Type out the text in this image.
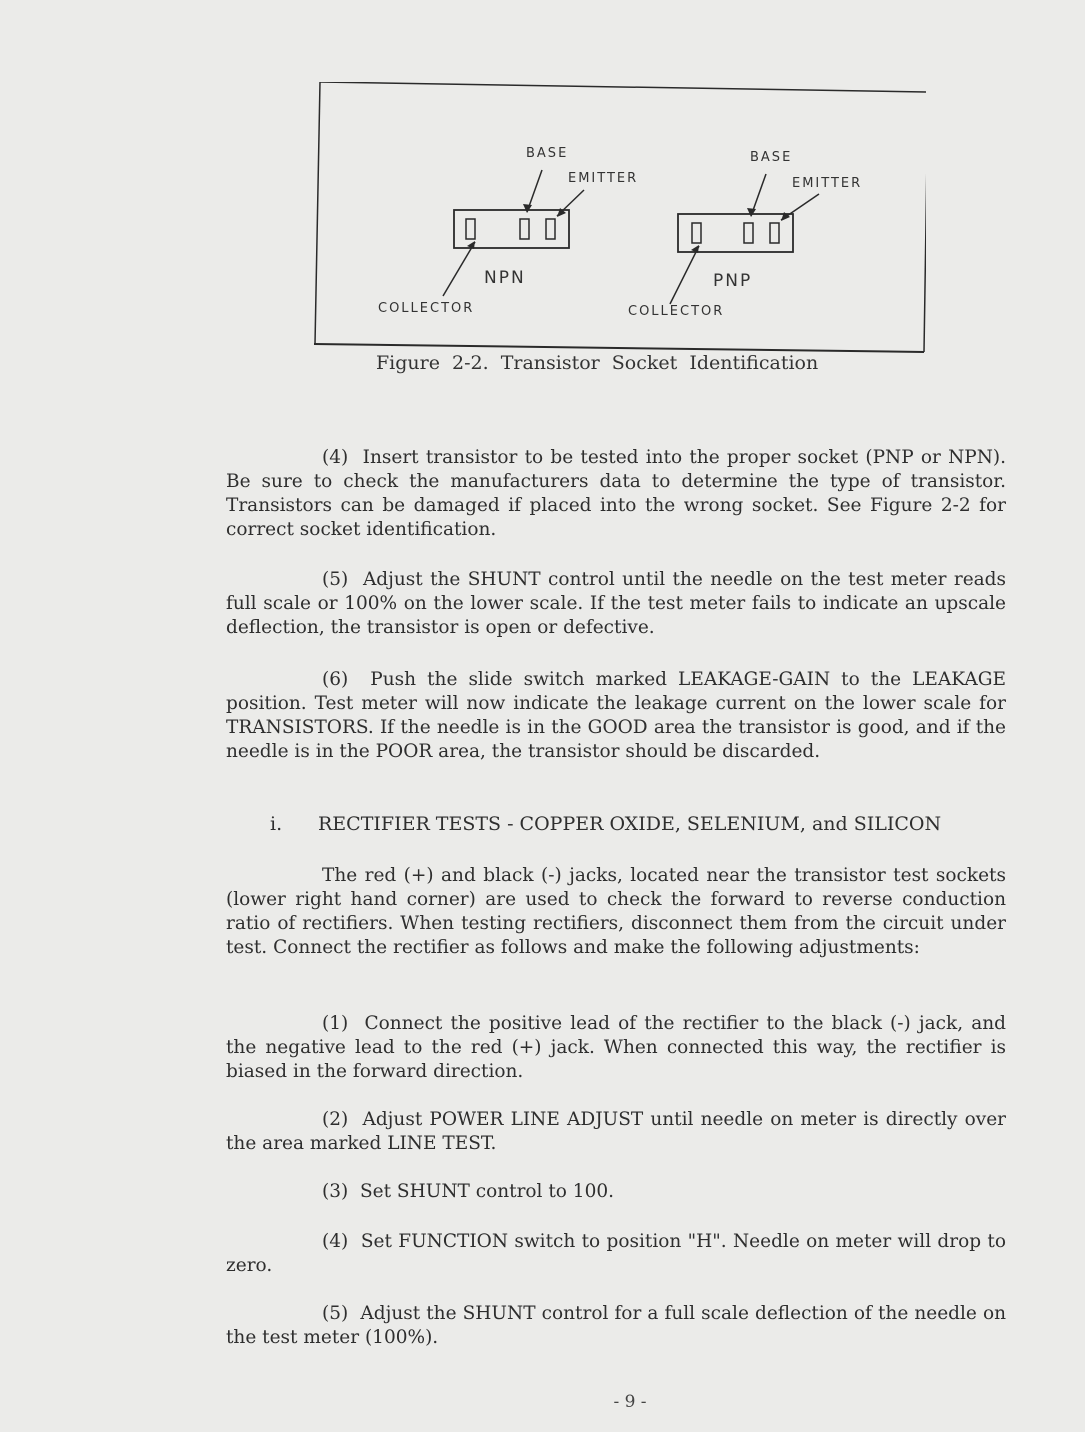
BASE
EMITTER
NPN
COLLECTOR
BASE
EMITTER
PNP
COLLECTOR
Figure 2-2. Transistor Socket Identification
(4) Insert transistor to be tested into the proper socket (PNP or NPN). Be sure to check the manufacturers data to determine the type of transistor. Transistors can be damaged if placed into the wrong socket. See Figure 2-2 for correct socket identification.
(5) Adjust the SHUNT control until the needle on the test meter reads full scale or 100% on the lower scale. If the test meter fails to indicate an upscale deflection, the transistor is open or defective.
(6) Push the slide switch marked LEAKAGE-GAIN to the LEAKAGE position. Test meter will now indicate the leakage current on the lower scale for TRANSISTORS. If the needle is in the GOOD area the transistor is good, and if the needle is in the POOR area, the transistor should be discarded.
i. RECTIFIER TESTS - COPPER OXIDE, SELENIUM, and SILICON
The red (+) and black (-) jacks, located near the transistor test sockets (lower right hand corner) are used to check the forward to reverse conduction ratio of rectifiers. When testing rectifiers, disconnect them from the circuit under test. Connect the rectifier as follows and make the following adjustments:
(1) Connect the positive lead of the rectifier to the black (-) jack, and the negative lead to the red (+) jack. When connected this way, the rectifier is biased in the forward direction.
(2) Adjust POWER LINE ADJUST until needle on meter is directly over the area marked LINE TEST.
(3) Set SHUNT control to 100.
(4) Set FUNCTION switch to position "H". Needle on meter will drop to zero.
(5) Adjust the SHUNT control for a full scale deflection of the needle on the test meter (100%).
- 9 -
